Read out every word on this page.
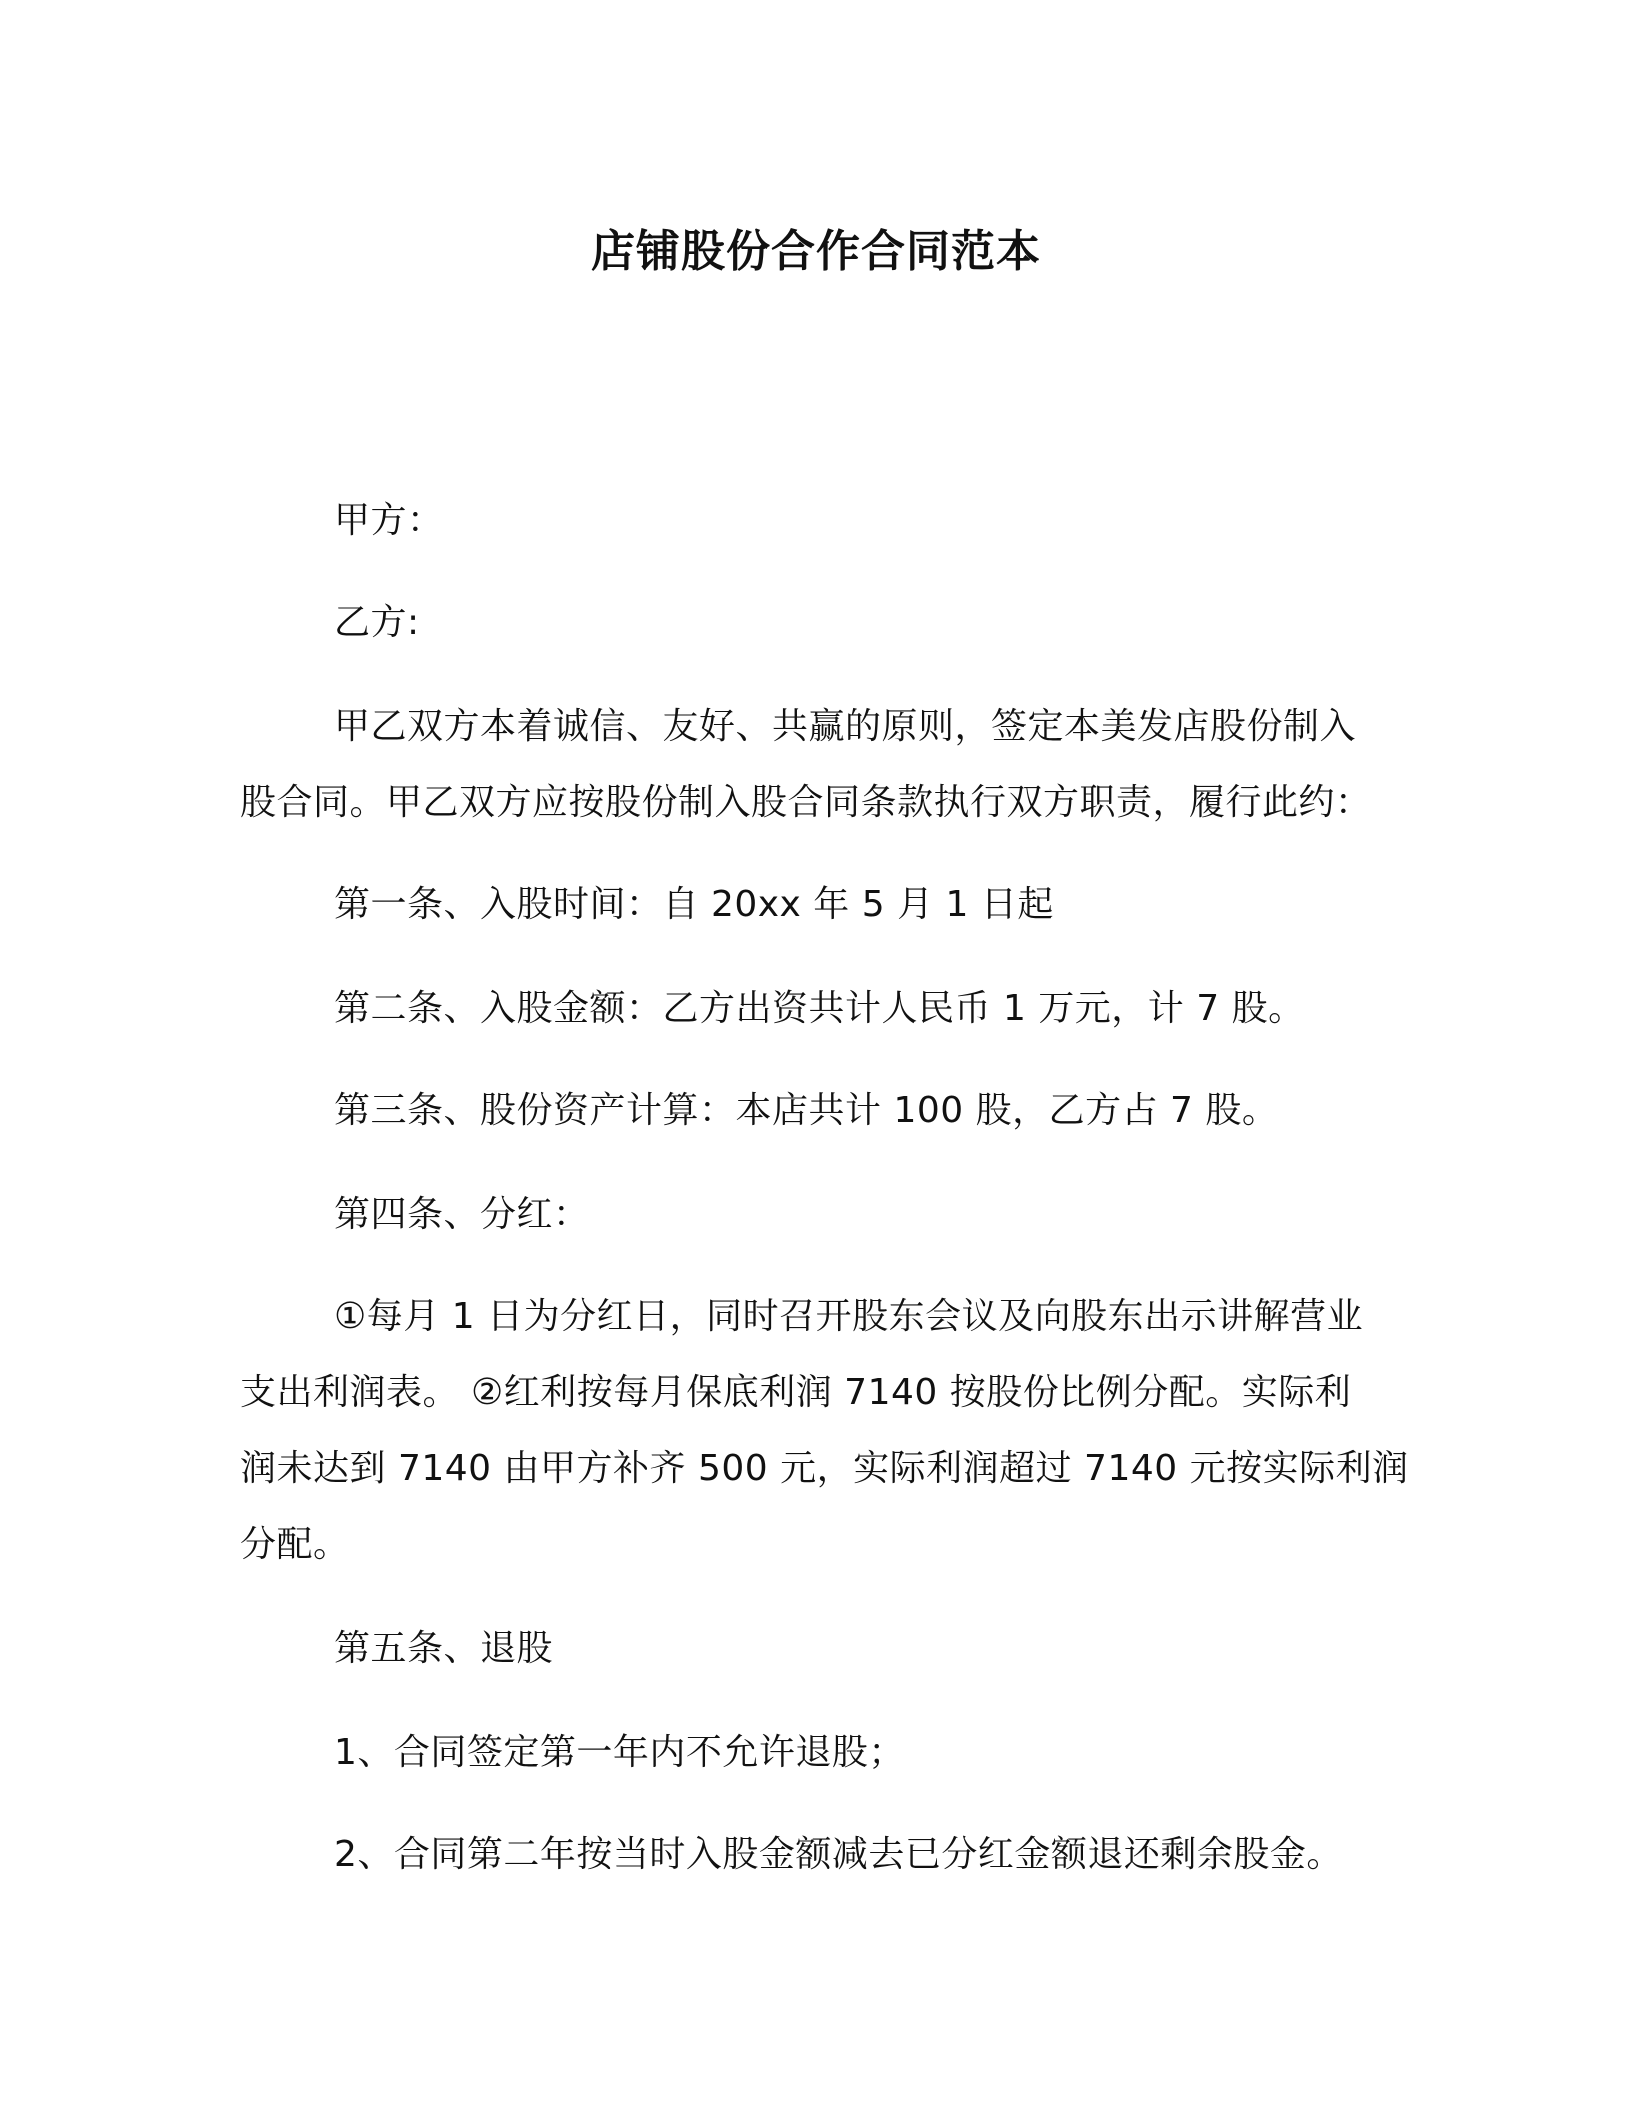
店铺股份合作合同范本
甲方：
乙方:
甲乙双方本着诚信、友好、共赢的原则，签定本美发店股份制入
股合同。甲乙双方应按股份制入股合同条款执行双方职责，履行此约：
第一条、入股时间：自 20xx 年 5 月 1 日起
第二条、入股金额：乙方出资共计人民币 1 万元，计 7 股。
第三条、股份资产计算：本店共计 100 股，乙方占 7 股。
第四条、分红：
①每月 1 日为分红日，同时召开股东会议及向股东出示讲解营业
支出利润表。 ②红利按每月保底利润 7140 按股份比例分配。实际利
润未达到 7140 由甲方补齐 500 元，实际利润超过 7140 元按实际利润
分配。
第五条、退股
1、合同签定第一年内不允许退股；
2、合同第二年按当时入股金额减去已分红金额退还剩余股金。
